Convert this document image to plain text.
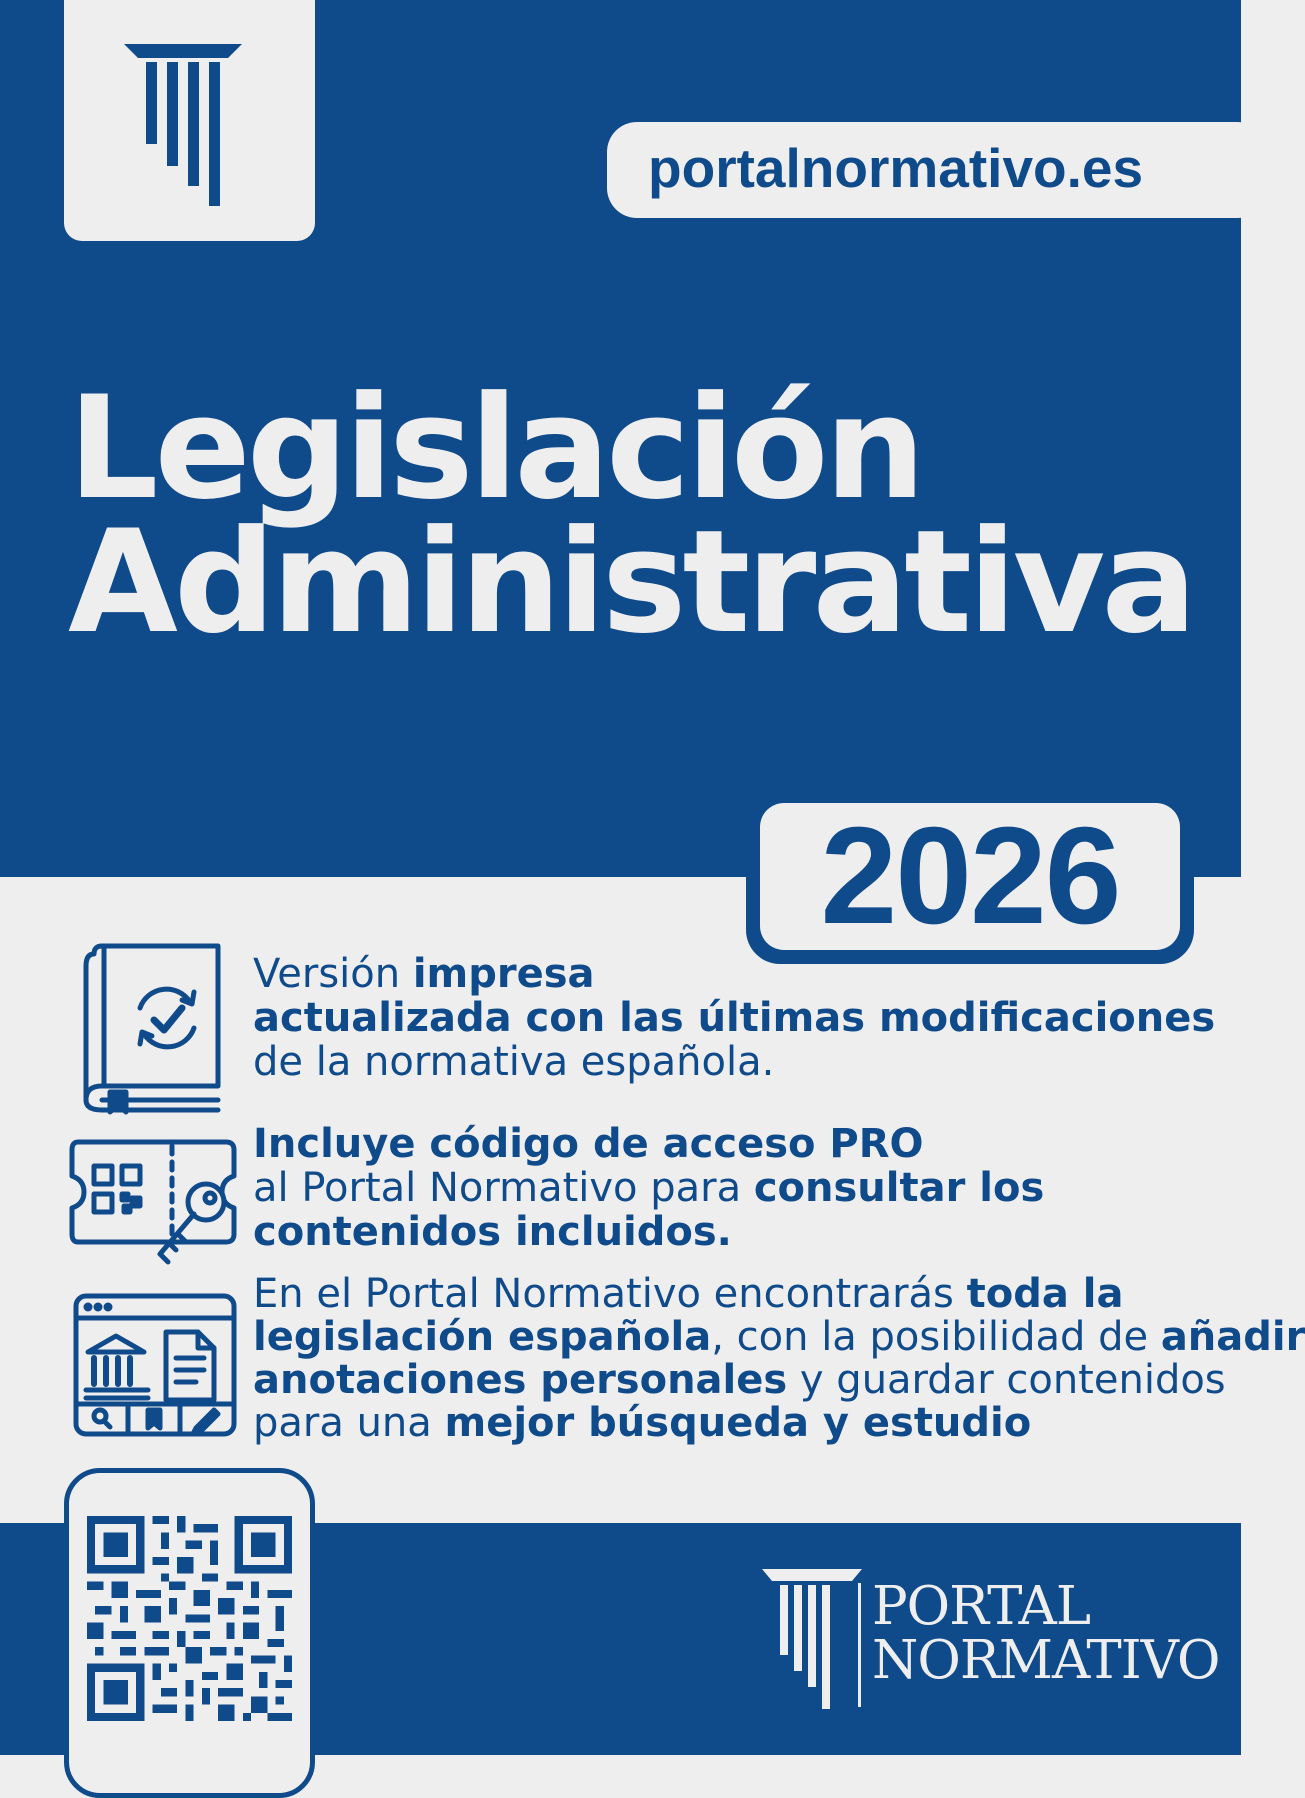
portalnormativo.es
Legislación
Administrativa
2026
Versión impresa
actualizada con las últimas modificaciones
de la normativa española.
Incluye código de acceso PRO
al Portal Normativo para consultar los
contenidos incluidos.
En el Portal Normativo encontrarás toda la
legislación española, con la posibilidad de añadir
anotaciones personales y guardar contenidos
para una mejor búsqueda y estudio
PORTAL
NORMATIVO
